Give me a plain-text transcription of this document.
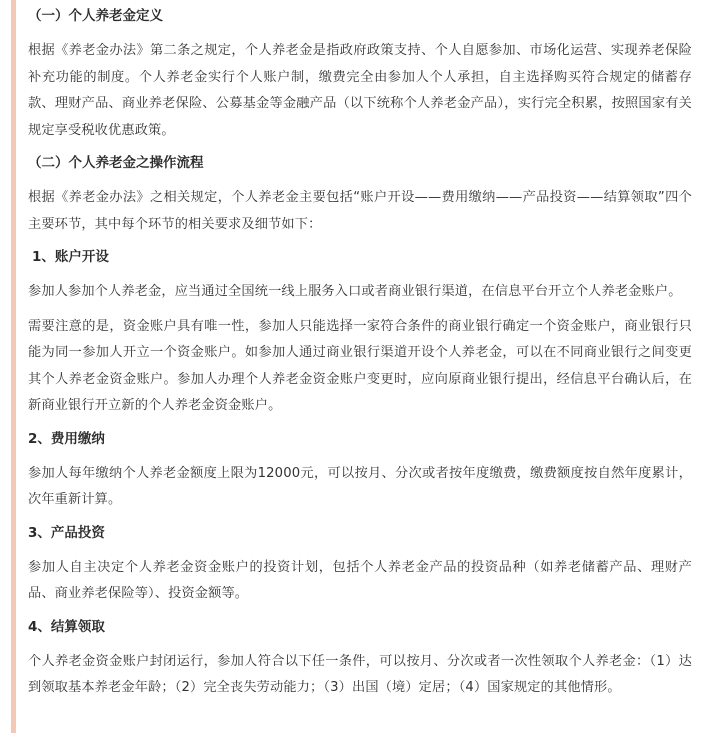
（一）个人养老金定义
根据《养老金办法》第二条之规定，个人养老金是指政府政策支持、个人自愿参加、市场化运营、实现养老保险补充功能的制度。个人养老金实行个人账户制，缴费完全由参加人个人承担，自主选择购买符合规定的储蓄存款、理财产品、商业养老保险、公募基金等金融产品（以下统称个人养老金产品），实行完全积累，按照国家有关规定享受税收优惠政策。
（二）个人养老金之操作流程
根据《养老金办法》之相关规定，个人养老金主要包括“账户开设——费用缴纳——产品投资——结算领取”四个主要环节，其中每个环节的相关要求及细节如下：
1、账户开设
参加人参加个人养老金，应当通过全国统一线上服务入口或者商业银行渠道，在信息平台开立个人养老金账户。
需要注意的是，资金账户具有唯一性，参加人只能选择一家符合条件的商业银行确定一个资金账户，商业银行只能为同一参加人开立一个资金账户。如参加人通过商业银行渠道开设个人养老金，可以在不同商业银行之间变更其个人养老金资金账户。参加人办理个人养老金资金账户变更时，应向原商业银行提出，经信息平台确认后，在新商业银行开立新的个人养老金资金账户。
2、费用缴纳
参加人每年缴纳个人养老金额度上限为12000元，可以按月、分次或者按年度缴费，缴费额度按自然年度累计，次年重新计算。
3、产品投资
参加人自主决定个人养老金资金账户的投资计划，包括个人养老金产品的投资品种（如养老储蓄产品、理财产品、商业养老保险等）、投资金额等。
4、结算领取
个人养老金资金账户封闭运行，参加人符合以下任一条件，可以按月、分次或者一次性领取个人养老金：（1）达到领取基本养老金年龄；（2）完全丧失劳动能力；（3）出国（境）定居；（4）国家规定的其他情形。
